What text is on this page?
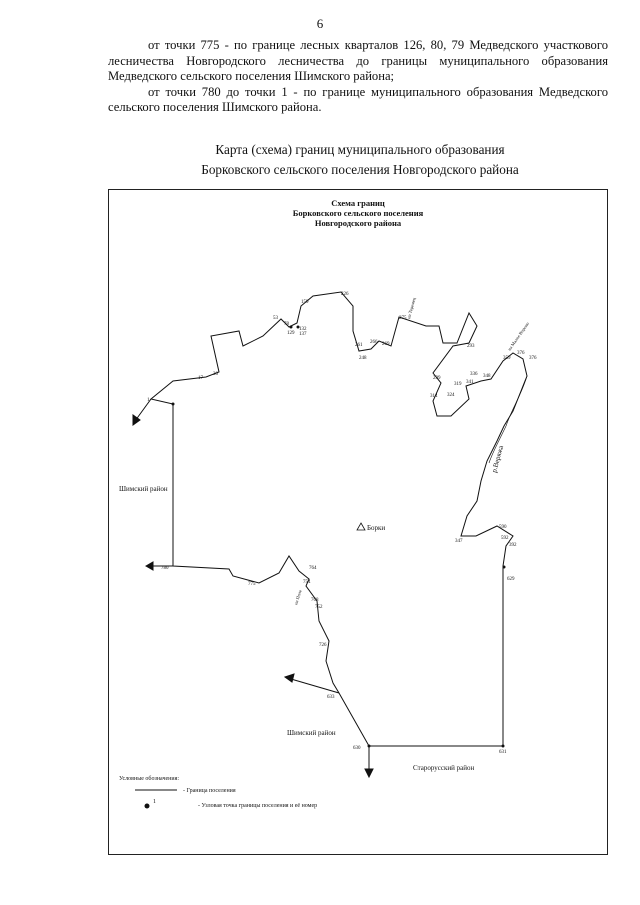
6

от точки 775 - по границе лесных кварталов 126, 80, 79 Медведского участкового лесничества Новгородского лесничества до границы муниципального образования Медведского сельского поселения Шимского района;

от точки 780 до точки 1 - по границе муниципального образования Медведского сельского поселения Шимского района.

Карта (схема) границ муниципального образования
Борковского сельского поселения Новгородского района
Схема границ
Борковского сельского поселения
Новгородского района
1
17
30
53
78
129
132
137
159
226
248
261
266 269
275
293
299
314
319
324
336
341
348
359
376
376
347
590
592
392
629
633
630
631
726
752
754
764
768
775
780
Шимский район
Шимский район
Старорусский район
Борки
р.Веряжа
на Теремец
на Малое Вороно
на Поле
Условные обозначения:
- Граница поселения
1
- Узловая точка границы поселения и её номер
